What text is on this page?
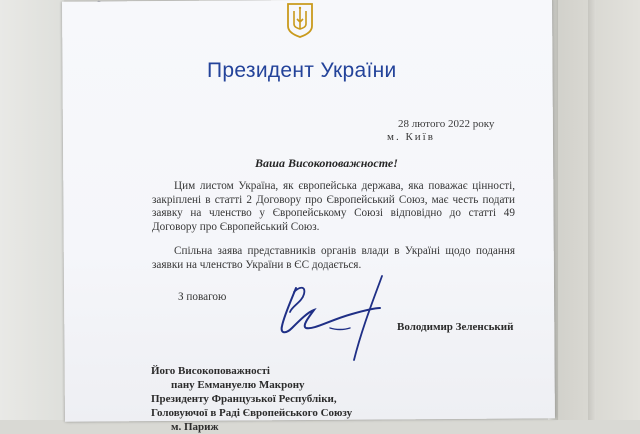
Президент України
28 лютого 2022 року
м. Київ
Ваша Високоповажносте!
Цим листом Україна, як європейська держава, яка поважає цінності, закріплені в статті 2 Договору про Європейський Союз, має честь подати заявку на членство у Європейському Союзі відповідно до статті 49 Договору про Європейський Союз.
Спільна заява представників органів влади в Україні щодо подання заявки на членство України в ЄС додається.
З повагою
Володимир Зеленський
Його Високоповажності
пану Еммануелю Макрону
Президенту Французької Республіки,
Головуючої в Раді Європейського Союзу
м. Париж
